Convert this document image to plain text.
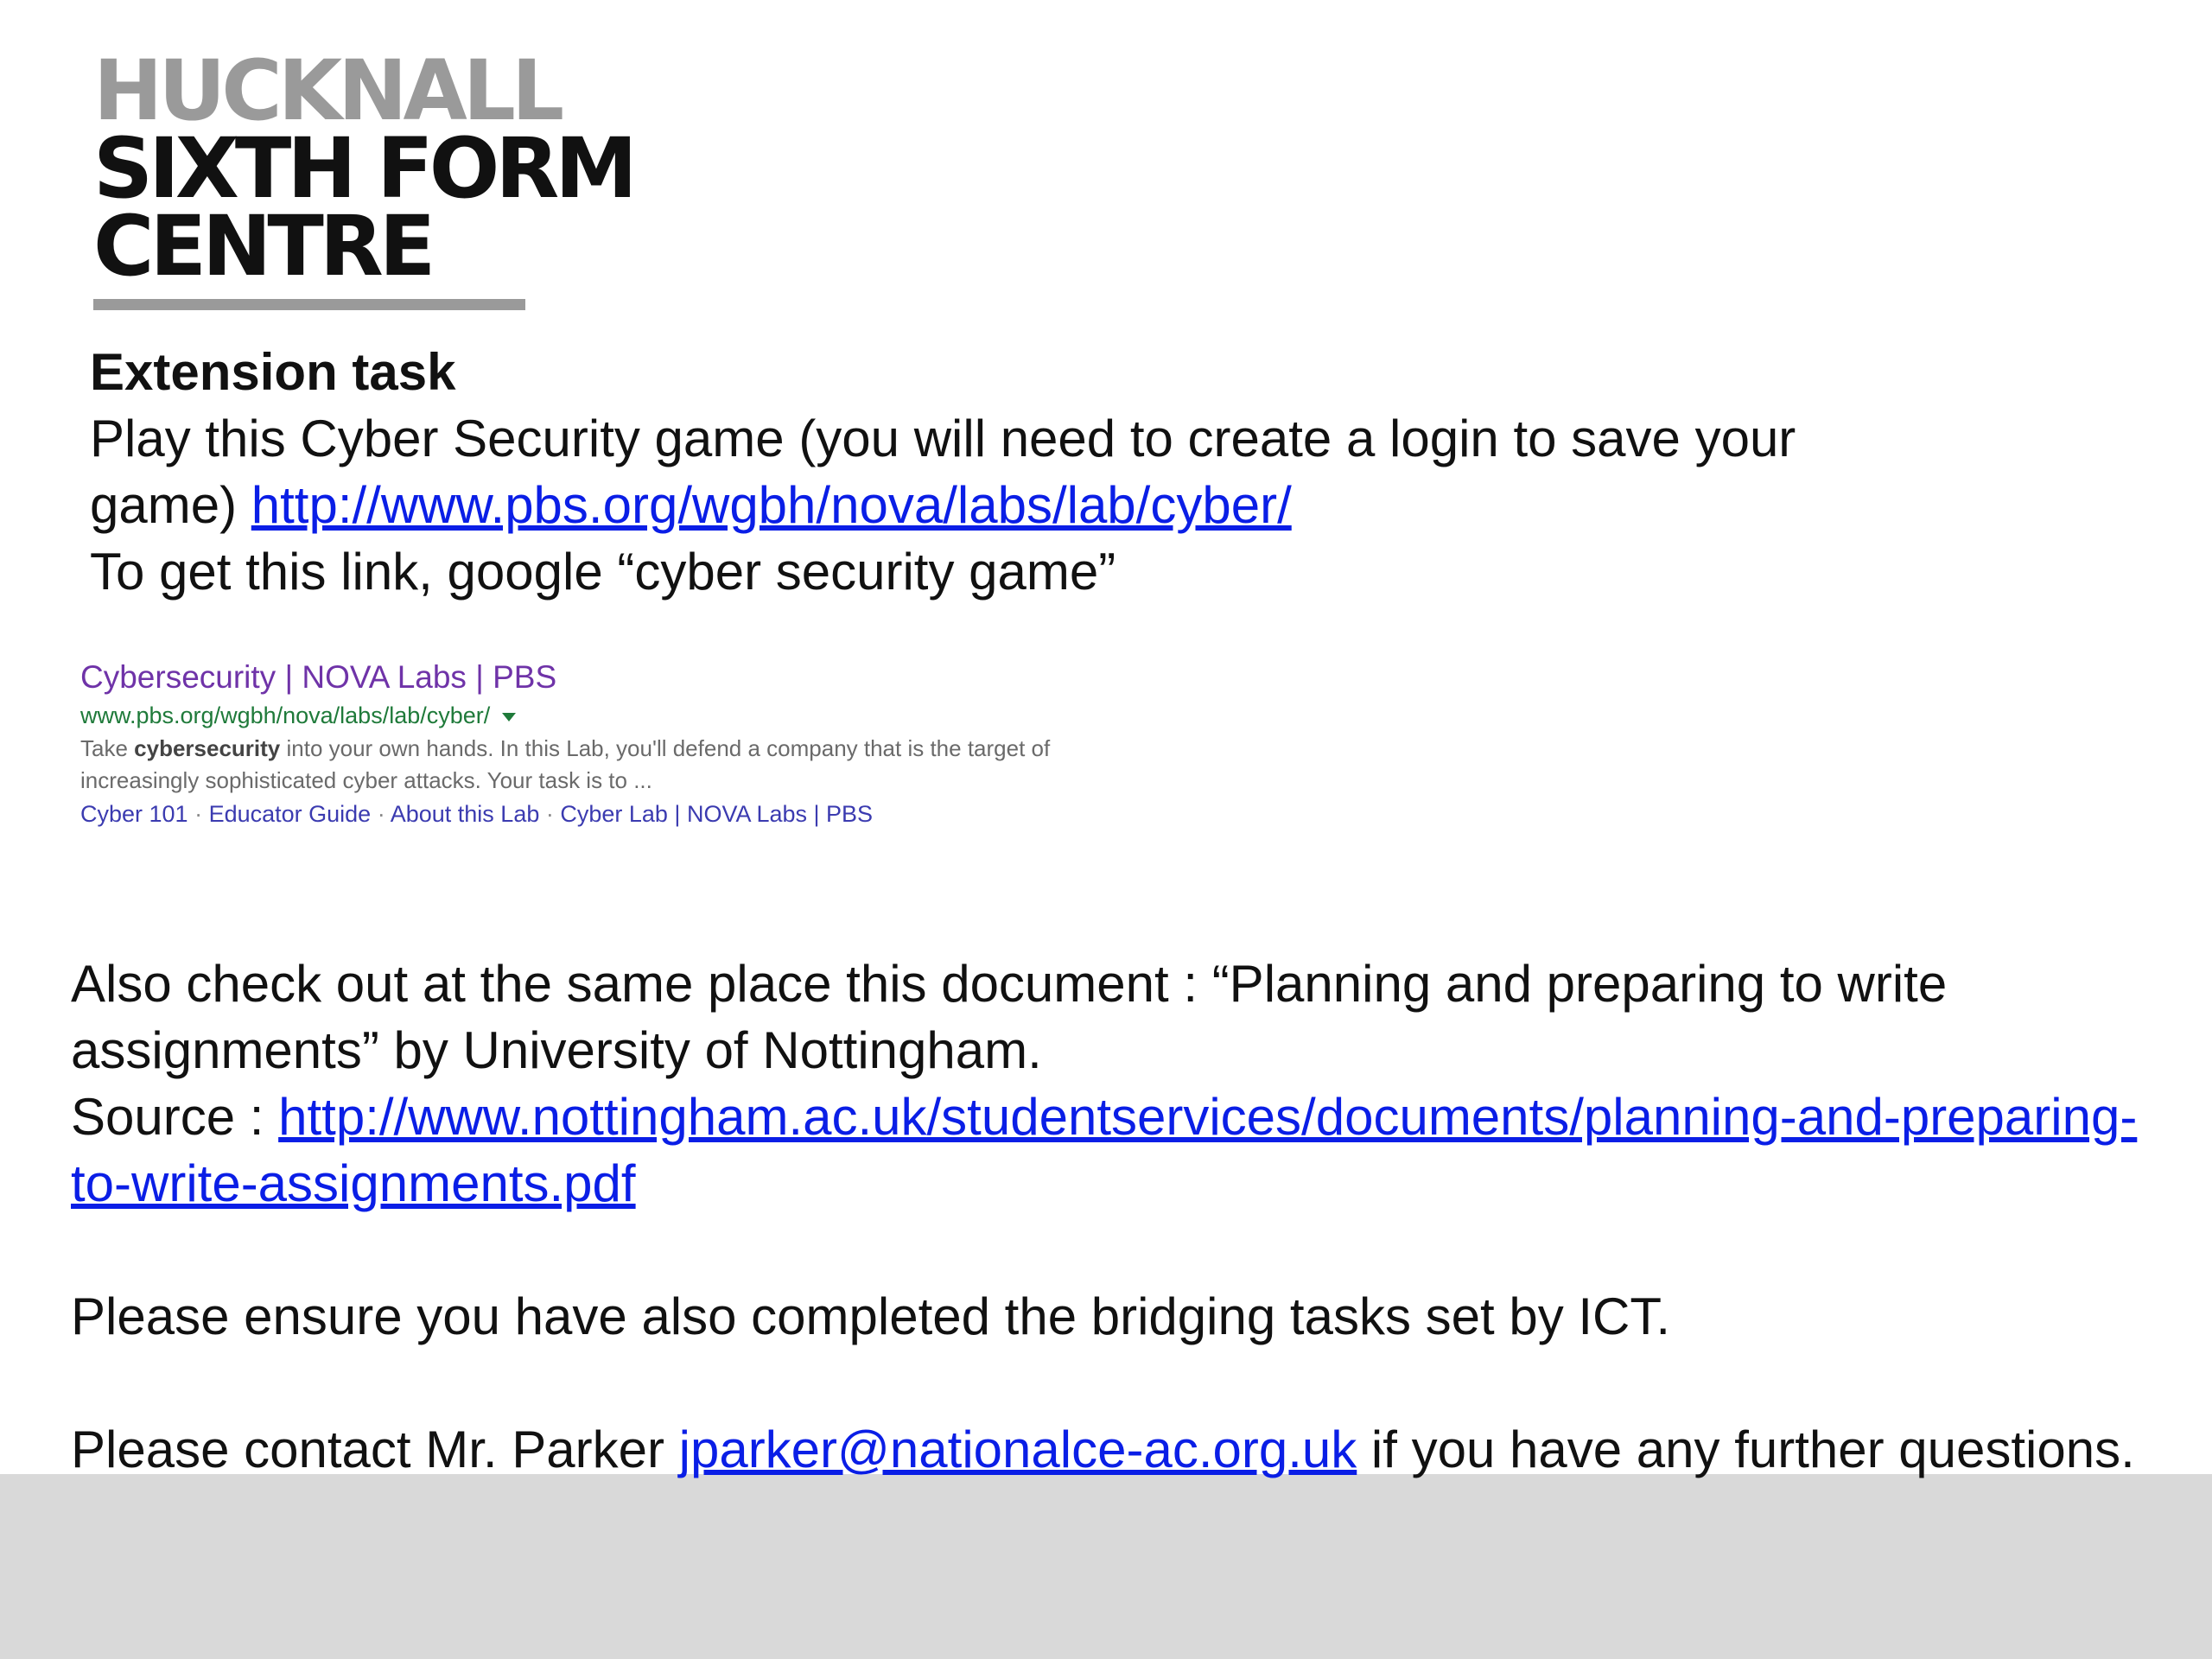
HUCKNALL
SIXTH FORM
CENTRE
Extension task
Play this Cyber Security game (you will need to create a login to save your
game) http://www.pbs.org/wgbh/nova/labs/lab/cyber/
To get this link, google “cyber security game”
Cybersecurity | NOVA Labs | PBS
www.pbs.org/wgbh/nova/labs/lab/cyber/
Take cybersecurity into your own hands. In this Lab, you'll defend a company that is the target of increasingly sophisticated cyber attacks. Your task is to ...
Cyber 101 · Educator Guide · About this Lab · Cyber Lab | NOVA Labs | PBS
Also check out at the same place this document : “Planning and preparing to write assignments” by University of Nottingham.
Source : http://www.nottingham.ac.uk/studentservices/documents/planning-and-preparing-to-write-assignments.pdf
Please ensure you have also completed the bridging tasks set by ICT.
Please contact Mr. Parker jparker@nationalce-ac.org.uk if you have any further questions.
